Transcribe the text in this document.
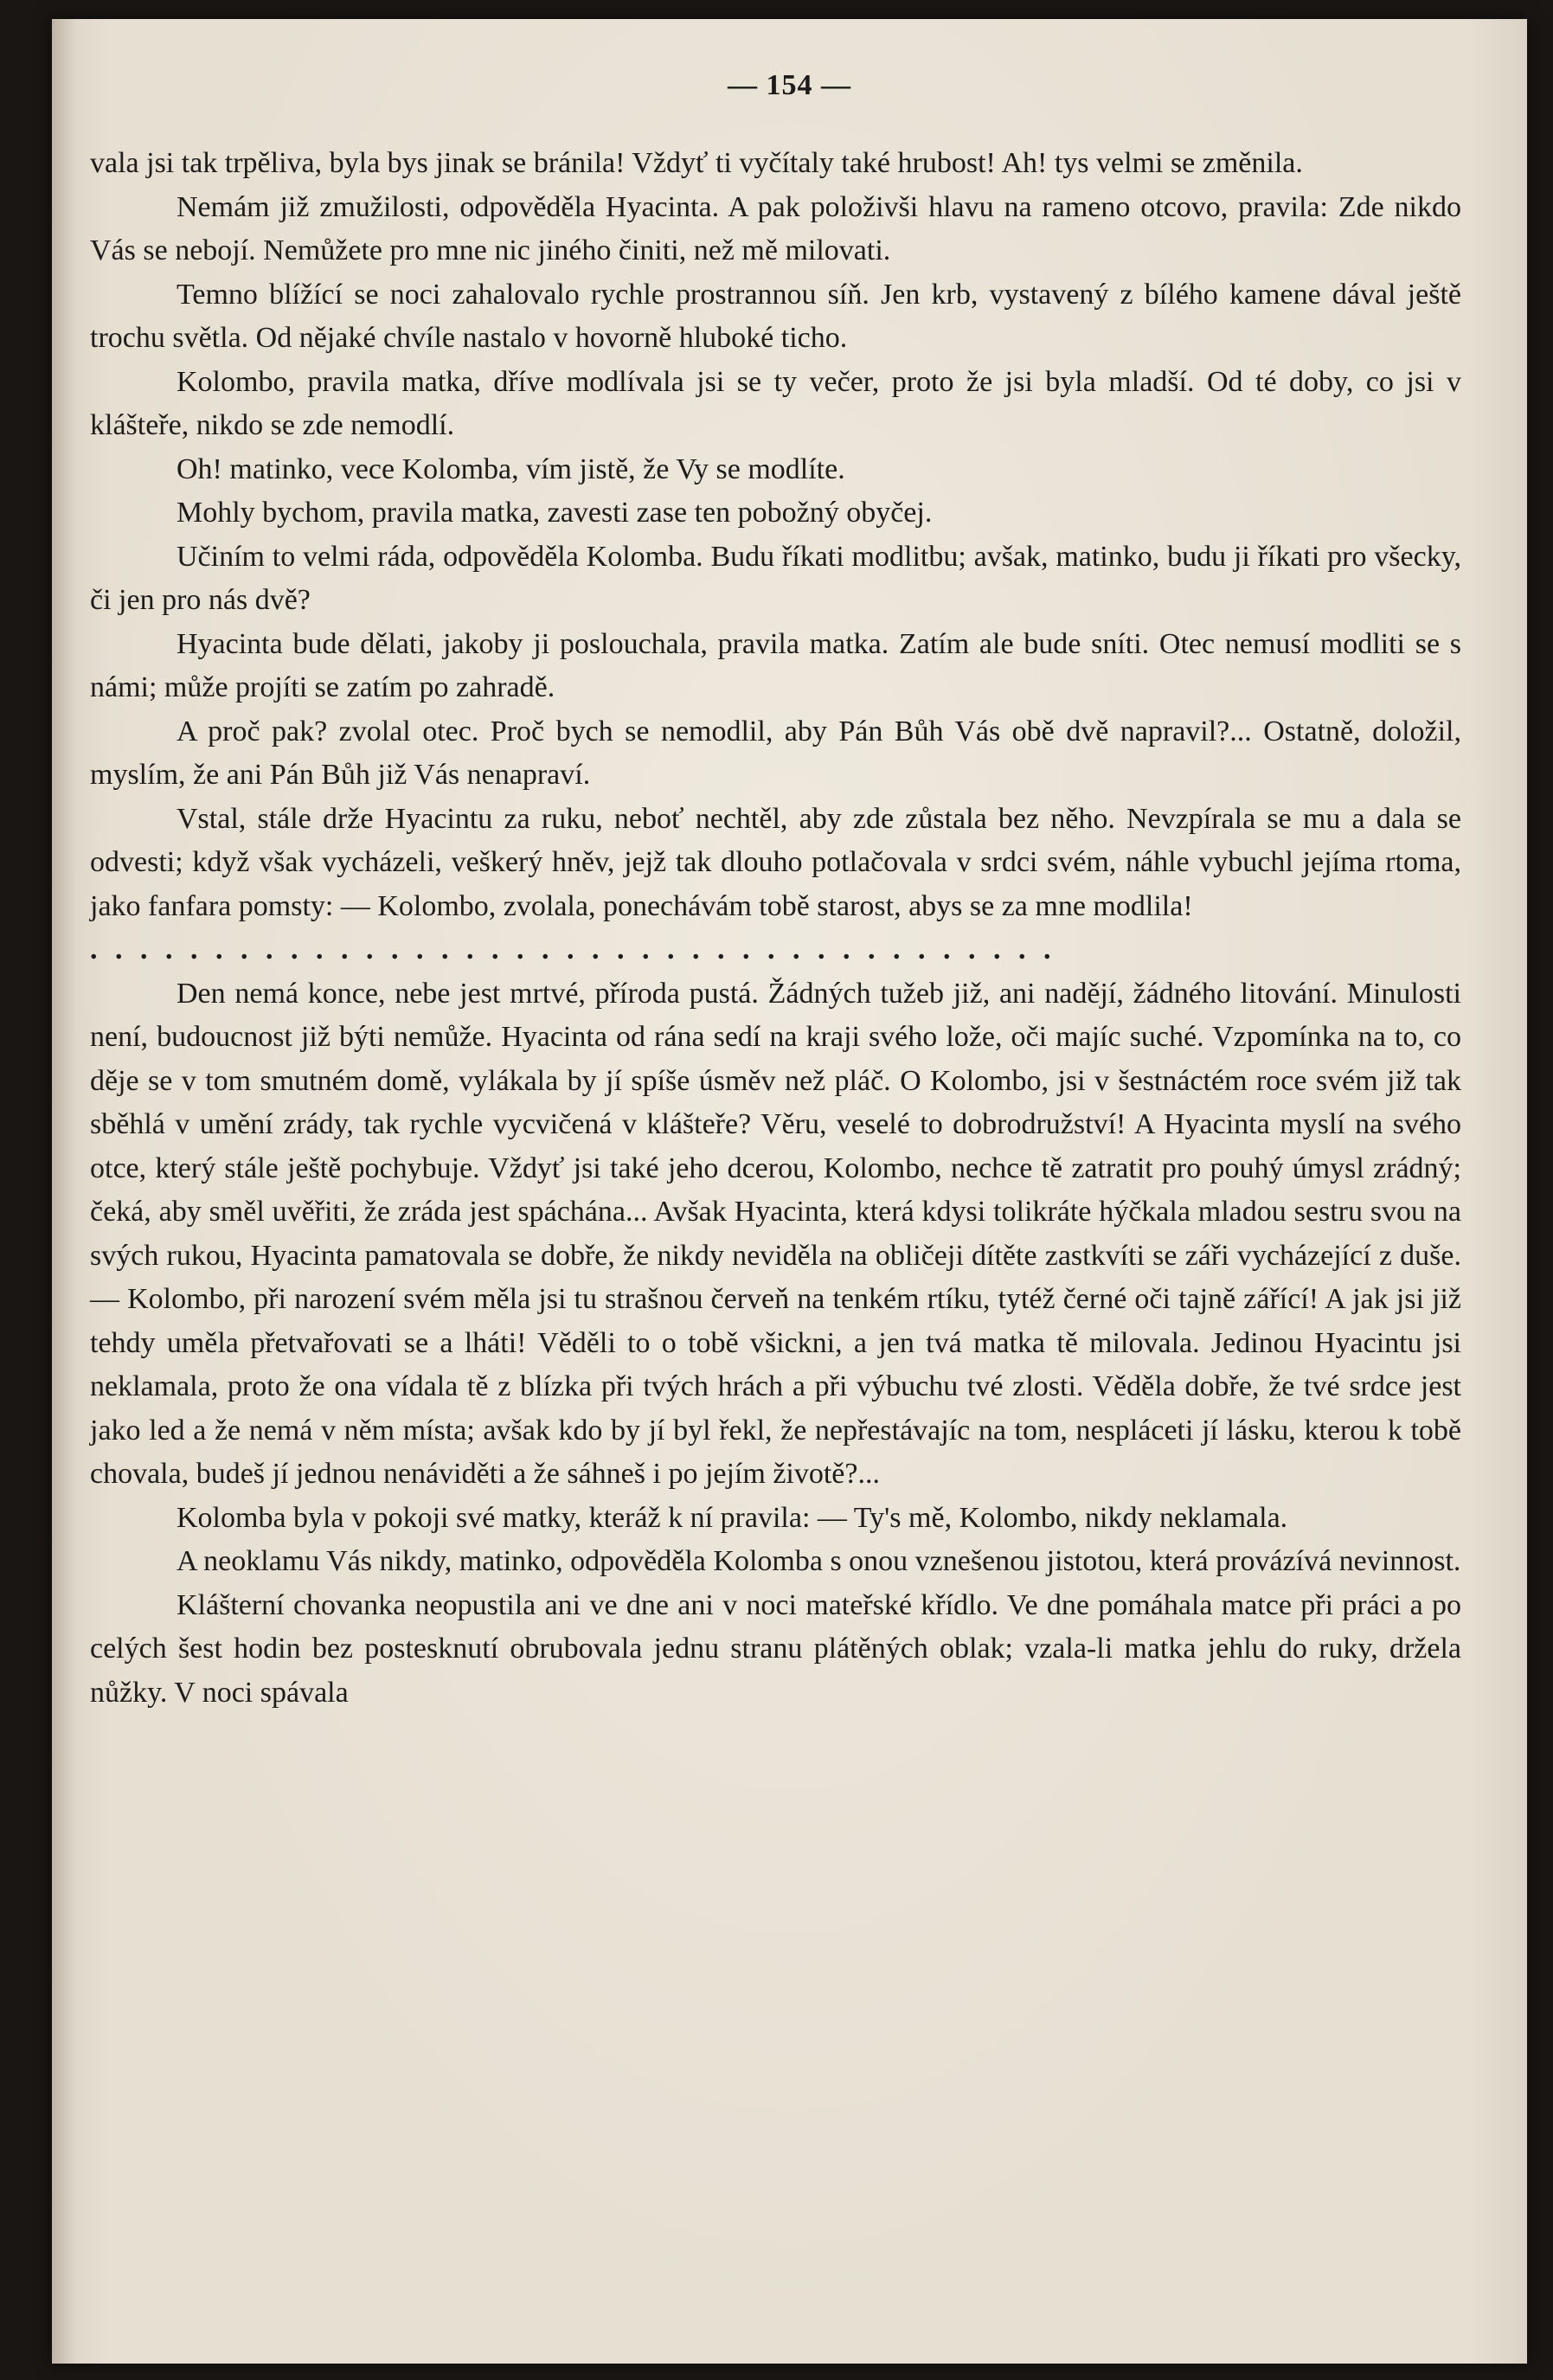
— 154 —

vala jsi tak trpěliva, byla bys jinak se bránila! Vždyť ti vyčítaly také hrubost! Ah! tys velmi se změnila.

Nemám již zmužilosti, odpověděla Hyacinta. A pak položivši hlavu na rameno otcovo, pravila: Zde nikdo Vás se nebojí. Nemůžete pro mne nic jiného činiti, než mě milovati.

Temno blížící se noci zahalovalo rychle prostrannou síň. Jen krb, vystavený z bílého kamene dával ještě trochu světla. Od nějaké chvíle nastalo v hovorně hluboké ticho.

Kolombo, pravila matka, dříve modlívala jsi se ty večer, proto že jsi byla mladší. Od té doby, co jsi v klášteře, nikdo se zde nemodlí.

Oh! matinko, vece Kolomba, vím jistě, že Vy se modlíte.

Mohly bychom, pravila matka, zavesti zase ten pobožný obyčej.

Učiním to velmi ráda, odpověděla Kolomba. Budu říkati modlitbu; avšak, matinko, budu ji říkati pro všecky, či jen pro nás dvě?

Hyacinta bude dělati, jakoby ji poslouchala, pravila matka. Zatím ale bude sníti. Otec nemusí modliti se s námi; může projíti se zatím po zahradě.

A proč pak? zvolal otec. Proč bych se nemodlil, aby Pán Bůh Vás obě dvě napravil?... Ostatně, doložil, myslím, že ani Pán Bůh již Vás nenapraví.

Vstal, stále drže Hyacintu za ruku, neboť nechtěl, aby zde zůstala bez něho. Nevzpírala se mu a dala se odvesti; když však vycházeli, veškerý hněv, jejž tak dlouho potlačovala v srdci svém, náhle vybuchl jejíma rtoma, jako fanfara pomsty: — Kolombo, zvolala, ponechávám tobě starost, abys se za mne modlila!

. . . . . . . . . . . . . . . . . . . . . . . . . . . . . . . . . . . . . . .

Den nemá konce, nebe jest mrtvé, příroda pustá. Žádných tužeb již, ani nadějí, žádného litování. Minulosti není, budoucnost již býti nemůže. Hyacinta od rána sedí na kraji svého lože, oči majíc suché. Vzpomínka na to, co děje se v tom smutném domě, vylákala by jí spíše úsměv než pláč. O Kolombo, jsi v šestnáctém roce svém již tak sběhlá v umění zrády, tak rychle vycvičená v klášteře? Věru, veselé to dobrodružství! A Hyacinta myslí na svého otce, který stále ještě pochybuje. Vždyť jsi také jeho dcerou, Kolombo, nechce tě zatratit pro pouhý úmysl zrádný; čeká, aby směl uvěřiti, že zráda jest spáchána... Avšak Hyacinta, která kdysi tolikráte hýčkala mladou sestru svou na svých rukou, Hyacinta pamatovala se dobře, že nikdy neviděla na obličeji dítěte zastkvíti se záři vycházející z duše. — Kolombo, při narození svém měla jsi tu strašnou červeň na tenkém rtíku, tytéž černé oči tajně zářící! A jak jsi již tehdy uměla přetvařovati se a lháti! Věděli to o tobě všickni, a jen tvá matka tě milovala. Jedinou Hyacintu jsi neklamala, proto že ona vídala tě z blízka při tvých hrách a při výbuchu tvé zlosti. Věděla dobře, že tvé srdce jest jako led a že nemá v něm místa; avšak kdo by jí byl řekl, že nepřestávajíc na tom, nespláceti jí lásku, kterou k tobě chovala, budeš jí jednou nenáviděti a že sáhneš i po jejím životě?...

Kolomba byla v pokoji své matky, kteráž k ní pravila: — Ty's mě, Kolombo, nikdy neklamala.

A neoklamu Vás nikdy, matinko, odpověděla Kolomba s onou vznešenou jistotou, která provázívá nevinnost.

Klášterní chovanka neopustila ani ve dne ani v noci mateřské křídlo. Ve dne pomáhala matce při práci a po celých šest hodin bez postesknutí obrubovala jednu stranu plátěných oblak; vzala-li matka jehlu do ruky, držela nůžky. V noci spávala
